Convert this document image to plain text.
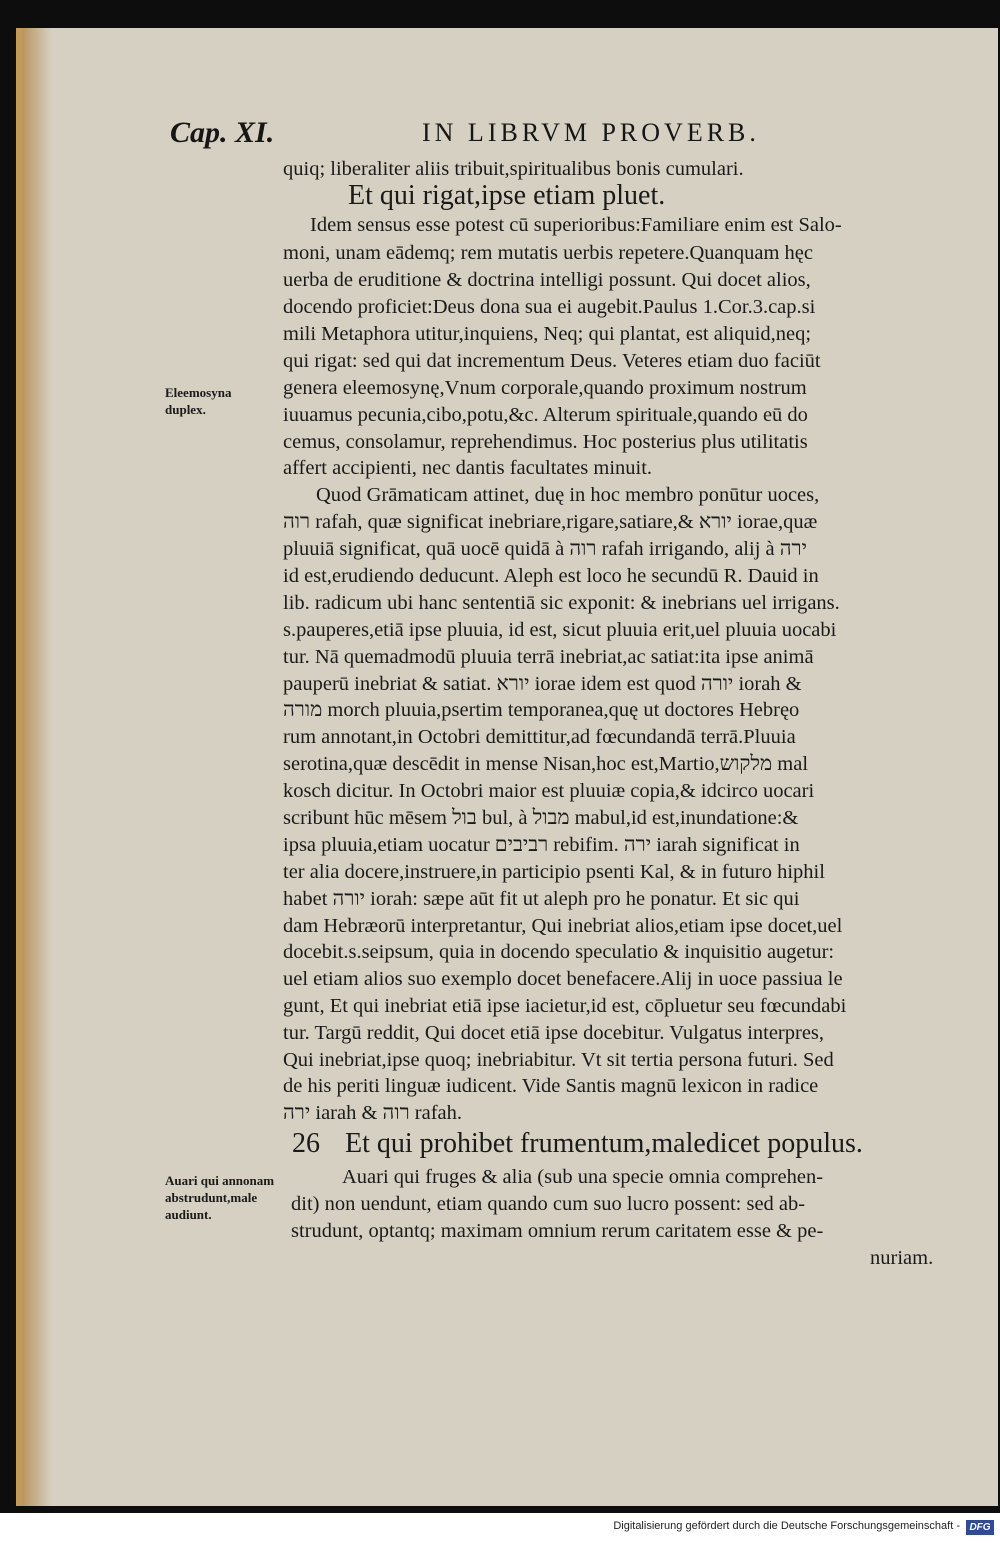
Cap. XI.	IN LIBRVM PROVERB.
quiq; liberaliter aliis tribuit,spiritualibus bonis cumulari.
Et qui rigat,ipse etiam pluet.
Idem sensus esse potest cū superioribus:Familiare enim est Salo-
moni, unam eādemq; rem mutatis uerbis repetere.Quanquam hęc
uerba de eruditione & doctrina intelligi possunt. Qui docet alios,
docendo proficiet:Deus dona sua ei augebit.Paulus 1.Cor.3.cap.si
mili Metaphora utitur,inquiens, Neq; qui plantat, est aliquid,neq;
qui rigat: sed qui dat incrementum Deus. Veteres etiam duo faciūt
genera eleemosynę,Vnum corporale,quando proximum nostrum
iuuamus pecunia,cibo,potu,&c. Alterum spirituale,quando eū do
cemus, consolamur, reprehendimus. Hoc posterius plus utilitatis
affert accipienti, nec dantis facultates minuit.
Quod Grāmaticam attinet, duę in hoc membro ponūtur uoces,
רוה rafah, quæ significat inebriare,rigare,satiare,& יורא iorae,quæ
pluuiā significat, quā uocē quidā à רוה rafah irrigando, alij à ירה
id est,erudiendo deducunt. Aleph est loco he secundū R. Dauid in
lib. radicum ubi hanc sententiā sic exponit: & inebrians uel irrigans.
s.pauperes,etiā ipse pluuia, id est, sicut pluuia erit,uel pluuia uocabi
tur. Nā quemadmodū pluuia terrā inebriat,ac satiat:ita ipse animā
pauperū inebriat & satiat. יורא iorae idem est quod יורה iorah &
מורה morch pluuia,psertim temporanea,quę ut doctores Hebręo
rum annotant,in Octobri demittitur,ad fœcundandā terrā.Pluuia
serotina,quæ descēdit in mense Nisan,hoc est,Martio,מלקוש mal
kosch dicitur. In Octobri maior est pluuiæ copia,& idcirco uocari
scribunt hūc mēsem בול bul, à מבול mabul,id est,inundatione:&
ipsa pluuia,etiam uocatur רביבים rebifim. ירה iarah significat in
ter alia docere,instruere,in participio psenti Kal, & in futuro hiphil
habet יורה iorah: sæpe aūt fit ut aleph pro he ponatur. Et sic qui
dam Hebræorū interpretantur, Qui inebriat alios,etiam ipse docet,uel
docebit.s.seipsum, quia in docendo speculatio & inquisitio augetur:
uel etiam alios suo exemplo docet benefacere.Alij in uoce passiua le
gunt, Et qui inebriat etiā ipse iacietur,id est, cōpluetur seu fœcundabi
tur. Targū reddit, Qui docet etiā ipse docebitur. Vulgatus interpres,
Qui inebriat,ipse quoq; inebriabitur. Vt sit tertia persona futuri. Sed
de his periti linguæ iudicent. Vide Santis magnū lexicon in radice
ירה iarah & רוה rafah.
26 Et qui prohibet frumentum,maledicet populus.
Auari qui fruges & alia (sub una specie omnia comprehen-
dit) non uendunt, etiam quando cum suo lucro possent: sed ab-
strudunt, optantq; maximam omnium rerum caritatem esse & pe-
nuriam.
Eleemosyna duplex.
Auari qui annonam abstrudunt,male audiunt.
Digitalisierung gefördert durch die Deutsche Forschungsgemeinschaft - DFG
